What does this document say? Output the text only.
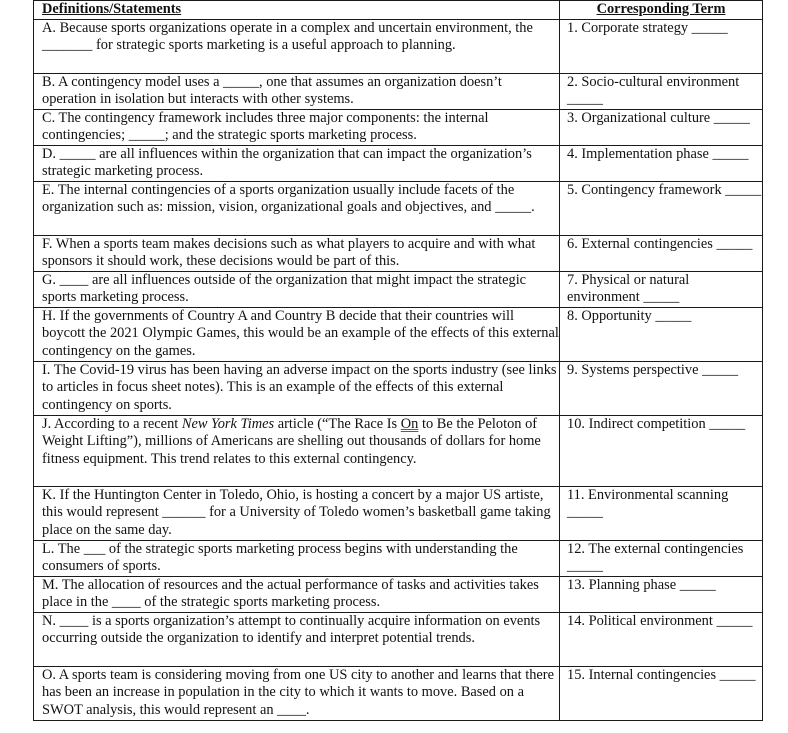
Definitions/Statements	Corresponding Term
A. Because sports organizations operate in a complex and uncertain environment, the _______ for strategic sports marketing is a useful approach to planning.	1. Corporate strategy _____
B. A contingency model uses a _____, one that assumes an organization doesn’t operation in isolation but interacts with other systems.	2. Socio-cultural environment _____
C. The contingency framework includes three major components: the internal contingencies; _____; and the strategic sports marketing process.	3. Organizational culture _____
D. _____ are all influences within the organization that can impact the organization’s strategic marketing process.	4. Implementation phase _____
E. The internal contingencies of a sports organization usually include facets of the organization such as: mission, vision, organizational goals and objectives, and _____.	5. Contingency framework _____
F. When a sports team makes decisions such as what players to acquire and with what sponsors it should work, these decisions would be part of this.	6. External contingencies _____
G. ____ are all influences outside of the organization that might impact the strategic sports marketing process.	7. Physical or natural environment _____
H. If the governments of Country A and Country B decide that their countries will boycott the 2021 Olympic Games, this would be an example of the effects of this external contingency on the games.	8. Opportunity _____
I. The Covid-19 virus has been having an adverse impact on the sports industry (see links to articles in focus sheet notes). This is an example of the effects of this external contingency on sports.	9. Systems perspective _____
J. According to a recent New York Times article (“The Race Is On to Be the Peloton of Weight Lifting”), millions of Americans are shelling out thousands of dollars for home fitness equipment. This trend relates to this external contingency.	10. Indirect competition _____
K. If the Huntington Center in Toledo, Ohio, is hosting a concert by a major US artiste, this would represent ______ for a University of Toledo women’s basketball game taking place on the same day.	11. Environmental scanning _____
L. The ___ of the strategic sports marketing process begins with understanding the consumers of sports.	12. The external contingencies _____
M. The allocation of resources and the actual performance of tasks and activities takes place in the ____ of the strategic sports marketing process.	13. Planning phase _____
N. ____ is a sports organization’s attempt to continually acquire information on events occurring outside the organization to identify and interpret potential trends.	14. Political environment _____
O. A sports team is considering moving from one US city to another and learns that there has been an increase in population in the city to which it wants to move. Based on a SWOT analysis, this would represent an ____.	15. Internal contingencies _____
